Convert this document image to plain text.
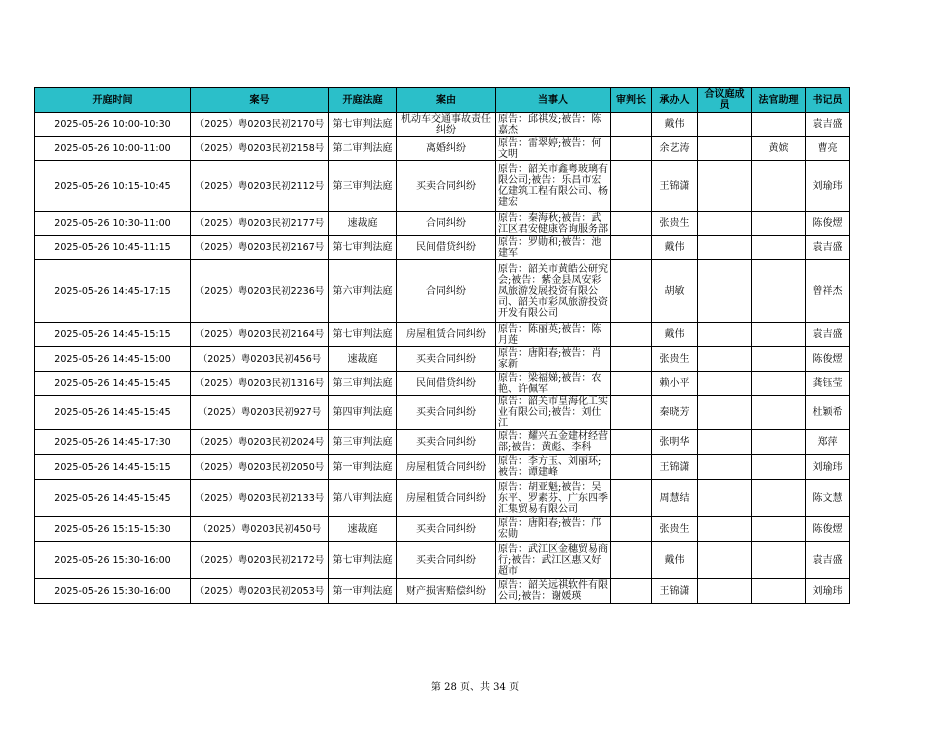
开庭时间	案号	开庭法庭	案由	当事人	审判长	承办人	合议庭成员	法官助理	书记员
2025-05-26 10:00-10:30	（2025）粤0203民初2170号	第七审判法庭	机动车交通事故责任纠纷	原告：邱祺发;被告：陈嘉杰		戴伟			袁吉盛
2025-05-26 10:00-11:00	（2025）粤0203民初2158号	第二审判法庭	离婚纠纷	原告：雷翠婷;被告：何文明		余艺涛		黄嫔	曹亮
2025-05-26 10:15-10:45	（2025）粤0203民初2112号	第三审判法庭	买卖合同纠纷	原告：韶关市鑫粤玻璃有限公司;被告：乐昌市宏亿建筑工程有限公司、杨建宏		王锦潇			刘瑜玮
2025-05-26 10:30-11:00	（2025）粤0203民初2177号	速裁庭	合同纠纷	原告：秦海秋;被告：武江区君安健康咨询服务部		张贵生			陈俊熤
2025-05-26 10:45-11:15	（2025）粤0203民初2167号	第七审判法庭	民间借贷纠纷	原告：罗勋和;被告：池建军		戴伟			袁吉盛
2025-05-26 14:45-17:15	（2025）粤0203民初2236号	第六审判法庭	合同纠纷	原告：韶关市黄皓公研究会;被告：紫金县凤安彩凤旅游发展投资有限公司、韶关市彩凤旅游投资开发有限公司		胡敏			曾祥杰
2025-05-26 14:45-15:15	（2025）粤0203民初2164号	第七审判法庭	房屋租赁合同纠纷	原告：陈丽英;被告：陈月莲		戴伟			袁吉盛
2025-05-26 14:45-15:00	（2025）粤0203民初456号	速裁庭	买卖合同纠纷	原告：唐阳春;被告：肖家新		张贵生			陈俊熤
2025-05-26 14:45-15:45	（2025）粤0203民初1316号	第三审判法庭	民间借贷纠纷	原告：梁福娣;被告：农艳、许佩军		赖小平			龚钰莹
2025-05-26 14:45-15:45	（2025）粤0203民初927号	第四审判法庭	买卖合同纠纷	原告：韶关市皇海化工实业有限公司;被告：刘仕江		秦晓芳			杜颖希
2025-05-26 14:45-17:30	（2025）粤0203民初2024号	第三审判法庭	买卖合同纠纷	原告：耀兴五金建材经营部;被告：黄彪、李科		张明华			郑萍
2025-05-26 14:45-15:15	（2025）粤0203民初2050号	第一审判法庭	房屋租赁合同纠纷	原告：李方玉、刘丽环;被告：谭建峰		王锦潇			刘瑜玮
2025-05-26 14:45-15:45	（2025）粤0203民初2133号	第八审判法庭	房屋租赁合同纠纷	原告：胡亚魁;被告：吴东平、罗素芬、广东四季汇集贸易有限公司		周慧结			陈文慧
2025-05-26 15:15-15:30	（2025）粤0203民初450号	速裁庭	买卖合同纠纷	原告：唐阳春;被告：邝宏勋		张贵生			陈俊熤
2025-05-26 15:30-16:00	（2025）粤0203民初2172号	第七审判法庭	买卖合同纠纷	原告：武江区金穗贸易商行;被告：武江区惠又好超市		戴伟			袁吉盛
2025-05-26 15:30-16:00	（2025）粤0203民初2053号	第一审判法庭	财产损害赔偿纠纷	原告：韶关远祺软件有限公司;被告：谢媛瑛		王锦潇			刘瑜玮
第 28 页、共 34 页
